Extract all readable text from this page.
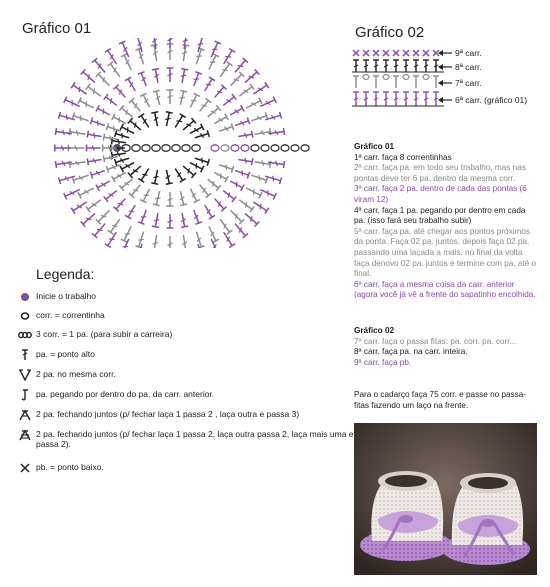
Gráfico 01	Gráfico 02
9ª carr.
8ª carr.
7ª carr.
6ª carr. (gráfico 01)
Legenda:
Inicie o trabalho
corr. = correntinha
3 corr. = 1 pa. (para subir a carreira)
pa. = ponto alto
2 pa. no mesma corr.
pa. pegando por dentro do pa. da carr. anterior.
2 pa. fechando juntos (p/ fechar laça 1 passa 2 , laça outra e passa 3)
2 pa. fechando juntos (p/ fechar laça 1 passa 2, laça outra passa 2, laça mais uma e passa 2).
pb. = ponto baixo.

Gráfico 01

1ª carr. faça 8 correntinhas

2ª carr. faça pa. em todo seu trabalho, mas nas pontas deve ter 6 pa. dentro da mesma corr.

3ª carr. faça 2 pa. dentro de cada das pontas (6 viram 12)

4ª carr. faça 1 pa. pegando por dentro em cada pa. (isso fará seu trabalho subir)

5ª carr. faça pa. até chegar aos pontos próximos da ponta. Faça 02 pa. juntos. depois faça 02 pa. passando uma laçada a mais. no final da volta faça denovo 02 pa. juntos e termine com pa. até o final.

6ª carr. faça a mesma coisa da carr. anterior (agora você já vê a frente do sapatinho encolhida.

Gráfico 02

7ª carr. faça o passa fitas: pa. corr. pa. corr...

8ª carr. faça pa. na carr. inteira.

9ª carr. faça pb.

Para o cadarço faça 75 corr. e passe no passa-fitas fazendo um laço na frente.
